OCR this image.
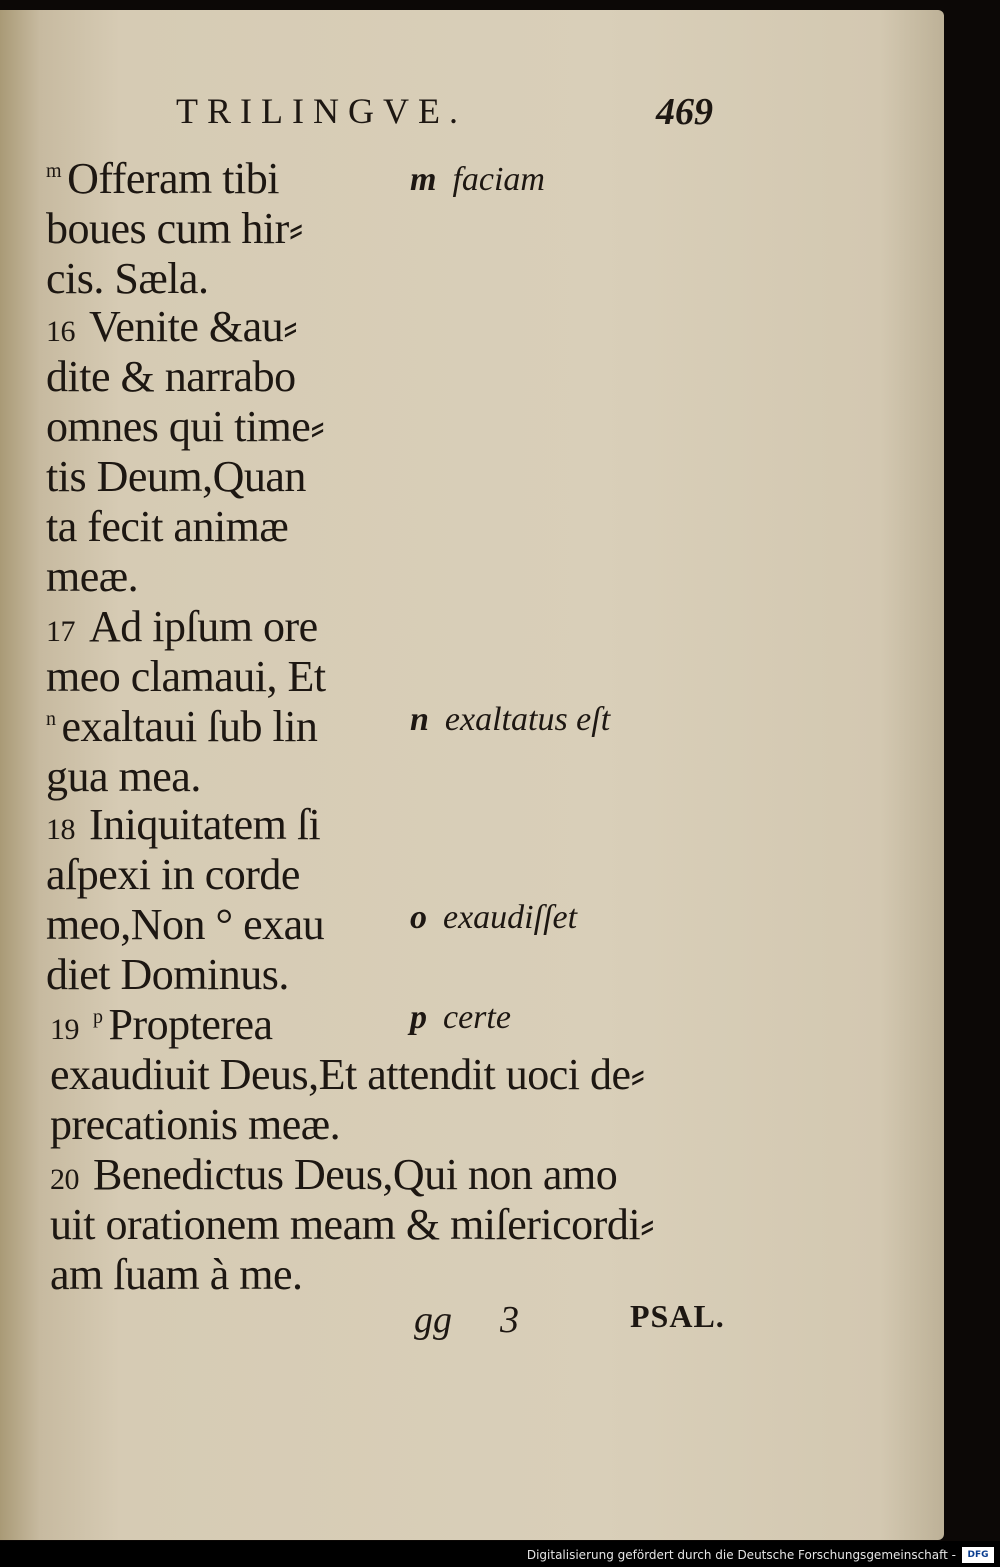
TRILINGVE.	469
$^m$ Offeram tibi
boues cum hir⸗
cis. Sæla.
16 Venite &au⸗
dite & narrabo
omnes qui time⸗
tis Deum,Quan
ta fecit animæ
meæ.
17 Ad ipſum ore
meo clamaui, Et
$^n$ exaltaui ſub lin
gua mea.
18 Iniquitatem ſi
aſpexi in corde
meo,Non ° exau
diet Dominus.
19 $^p$ Propterea
exaudiuit Deus,Et attendit uoci de⸗
precationis meæ.
20 Benedictus Deus,Qui non amo
uit orationem meam & miſericordi⸗
am ſuam à me.
m faciam
n exaltatus eſt
o exaudiſſet
p certe
gg 3	PSAL.
Digitalisierung gefördert durch die Deutsche Forschungsgemeinschaft -	DFG
